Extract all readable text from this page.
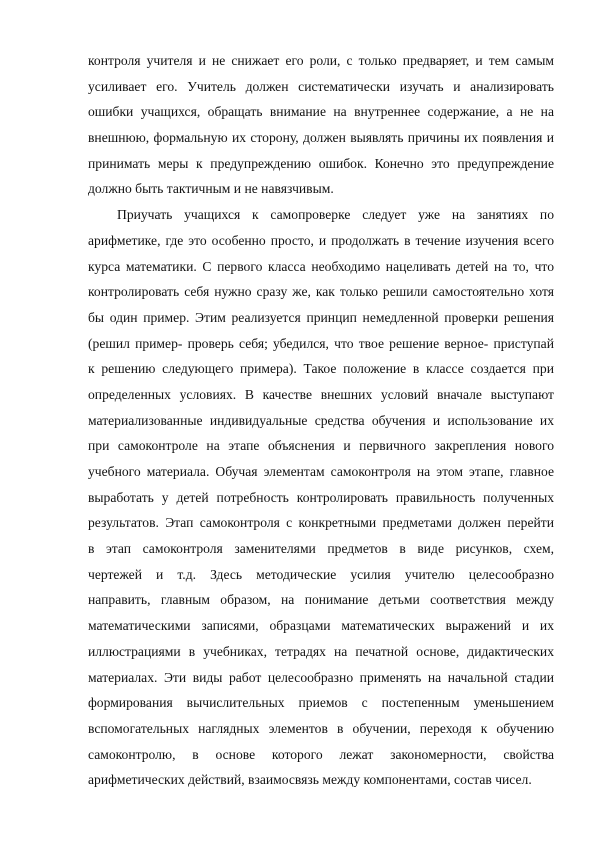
контроля учителя и не снижает его роли, с только предваряет, и тем самым
усиливает его. Учитель должен систематически изучать и анализировать
ошибки учащихся, обращать внимание на внутреннее содержание, а не на
внешнюю, формальную их сторону, должен выявлять причины их появления и
принимать меры к предупреждению ошибок. Конечно это предупреждение
должно быть тактичным и не навязчивым.
Приучать учащихся к самопроверке следует уже на занятиях по
арифметике, где это особенно просто, и продолжать в течение изучения всего
курса математики. С первого класса необходимо нацеливать детей на то, что
контролировать себя нужно сразу же, как только решили самостоятельно хотя
бы один пример. Этим реализуется принцип немедленной проверки решения
(решил пример- проверь себя; убедился, что твое решение верное- приступай
к решению следующего примера). Такое положение в классе создается при
определенных условиях. В качестве внешних условий вначале выступают
материализованные индивидуальные средства обучения и использование их
при самоконтроле на этапе объяснения и первичного закрепления нового
учебного материала. Обучая элементам самоконтроля на этом этапе, главное
выработать у детей потребность контролировать правильность полученных
результатов. Этап самоконтроля с конкретными предметами должен перейти
в этап самоконтроля заменителями предметов в виде рисунков, схем,
чертежей и т.д. Здесь методические усилия учителю целесообразно
направить, главным образом, на понимание детьми соответствия между
математическими записями, образцами математических выражений и их
иллюстрациями в учебниках, тетрадях на печатной основе, дидактических
материалах. Эти виды работ целесообразно применять на начальной стадии
формирования вычислительных приемов с постепенным уменьшением
вспомогательных наглядных элементов в обучении, переходя к обучению
самоконтролю, в основе которого лежат закономерности, свойства
арифметических действий, взаимосвязь между компонентами, состав чисел.
